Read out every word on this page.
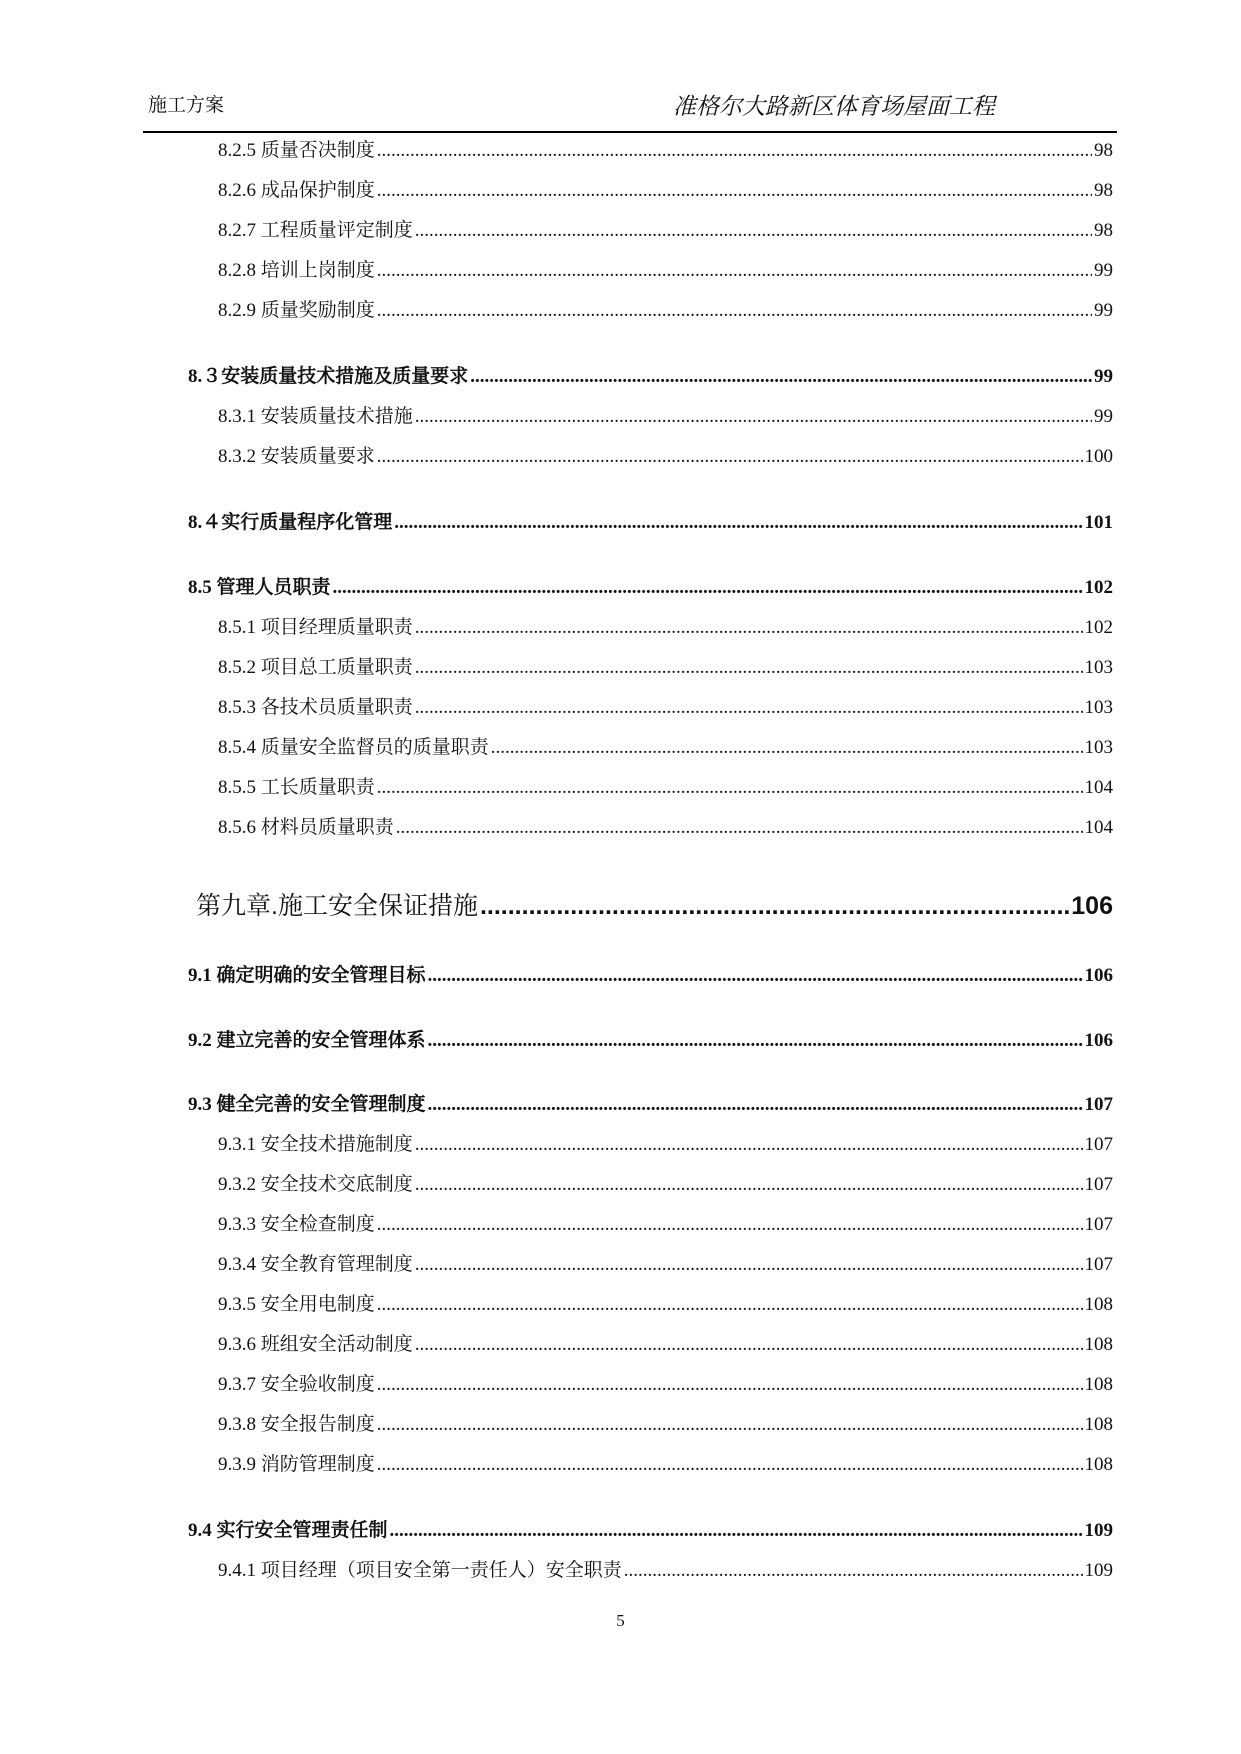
施工方案	准格尔大路新区体育场屋面工程
8.2.5 质量否决制度 .....	98
8.2.6 成品保护制度 .....	98
8.2.7 工程质量评定制度 .....	98
8.2.8 培训上岗制度 .....	99
8.2.9 质量奖励制度 .....	99
8.３安装质量技术措施及质量要求 .....	99
8.3.1 安装质量技术措施 .....	99
8.3.2 安装质量要求 .....	100
8.４实行质量程序化管理 .....	101
8.5 管理人员职责 .....	102
8.5.1 项目经理质量职责 .....	102
8.5.2 项目总工质量职责 .....	103
8.5.3 各技术员质量职责 .....	103
8.5.4 质量安全监督员的质量职责 .....	103
8.5.5 工长质量职责 .....	104
8.5.6 材料员质量职责 .....	104
第九章.施工安全保证措施 .....	106
9.1 确定明确的安全管理目标 .....	106
9.2 建立完善的安全管理体系 .....	106
9.3 健全完善的安全管理制度 .....	107
9.3.1 安全技术措施制度 .....	107
9.3.2 安全技术交底制度 .....	107
9.3.3 安全检查制度 .....	107
9.3.4 安全教育管理制度 .....	107
9.3.5 安全用电制度 .....	108
9.3.6 班组安全活动制度 .....	108
9.3.7 安全验收制度 .....	108
9.3.8 安全报告制度 .....	108
9.3.9 消防管理制度 .....	108
9.4 实行安全管理责任制 .....	109
9.4.1 项目经理（项目安全第一责任人）安全职责 .....	109
5
